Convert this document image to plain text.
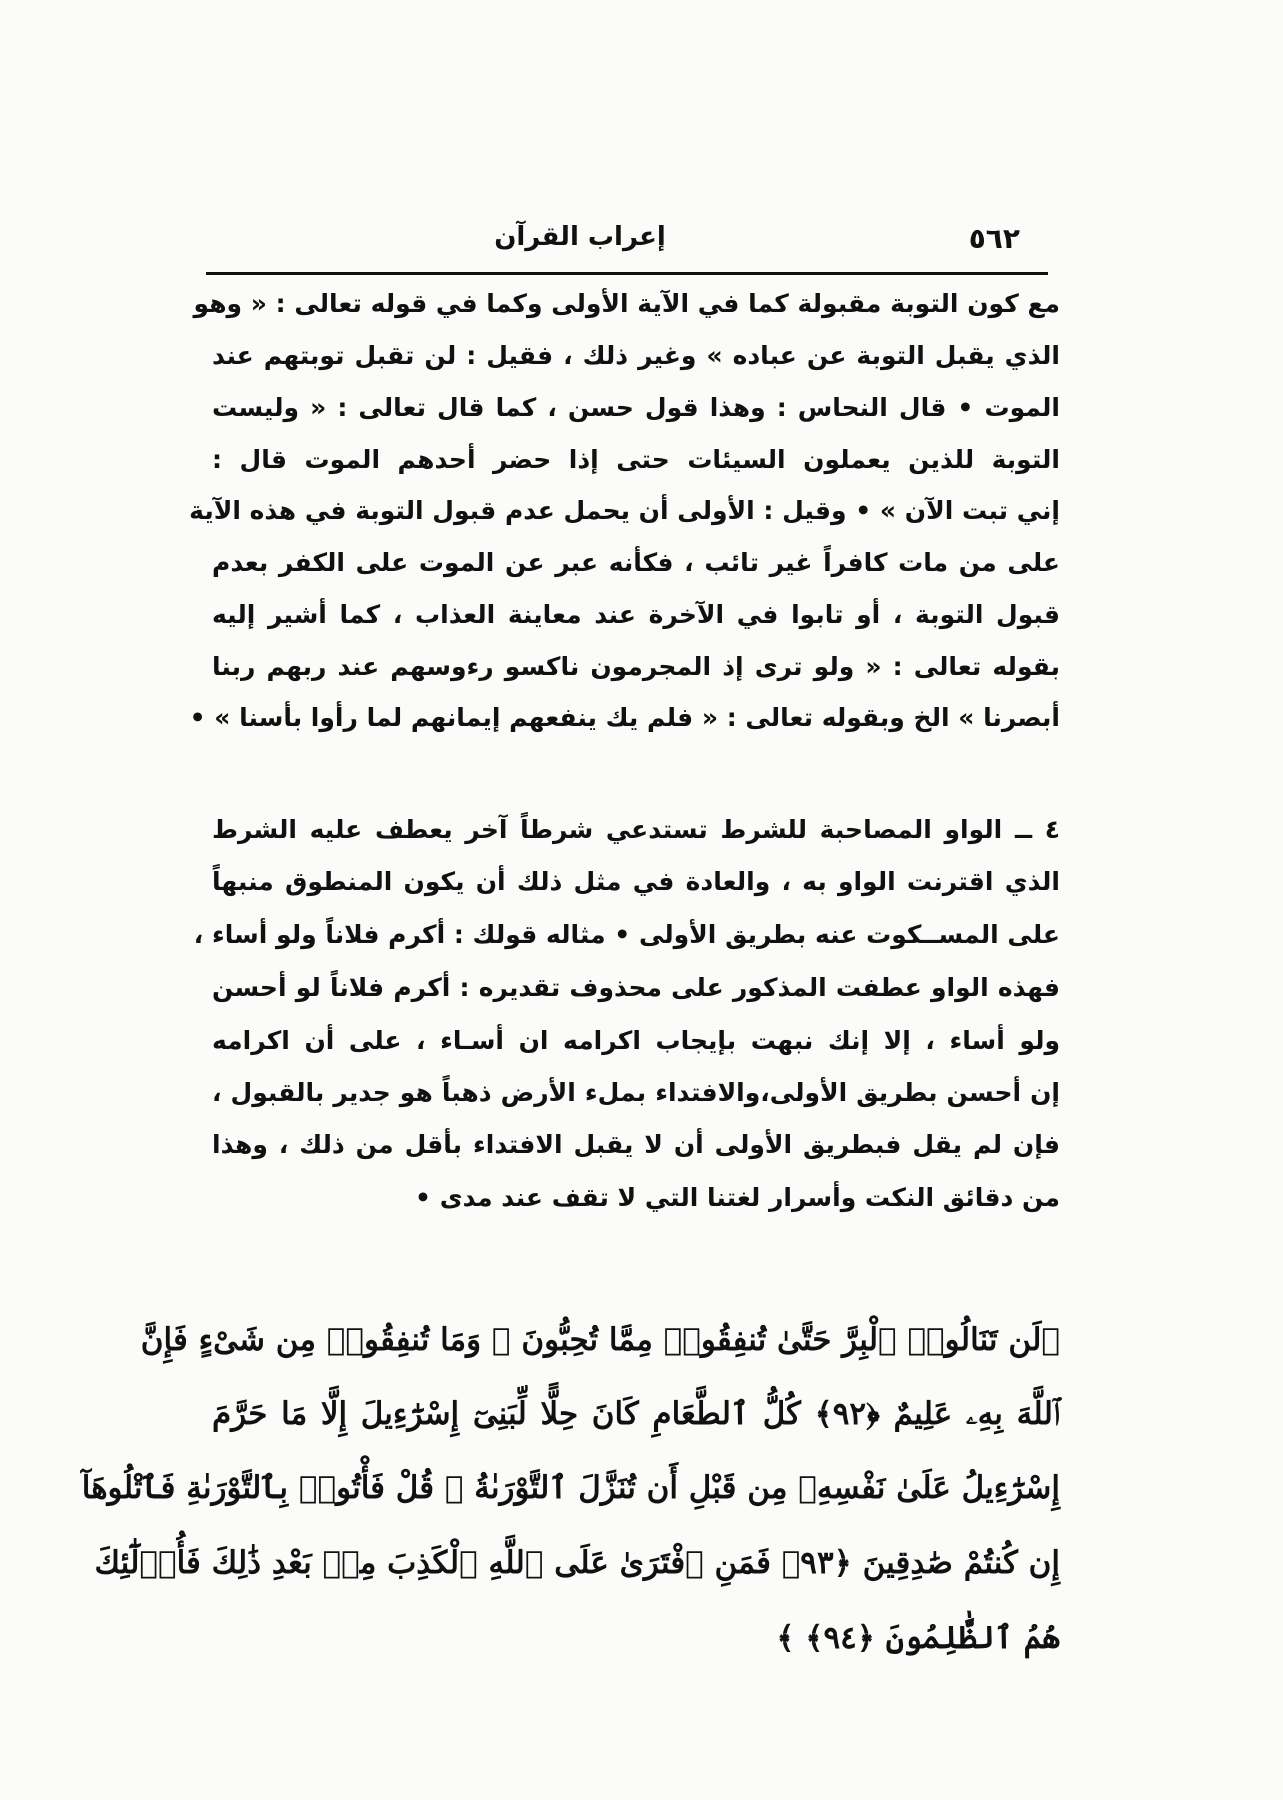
٥٦٢
إعراب القرآن
مع كون التوبة مقبولة كما في الآية الأولى وكما في قوله تعالى : « وهو
الذي يقبل التوبة عن عباده » وغير ذلك ، فقيل : لن تقبل توبتهم عند
الموت • قال النحاس : وهذا قول حسن ، كما قال تعالى : « وليست
التوبة للذين يعملون السيئات حتى إذا حضر أحدهم الموت قال :
إني تبت الآن » • وقيل : الأولى أن يحمل عدم قبول التوبة في هذه الآية
على من مات كافراً غير تائب ، فكأنه عبر عن الموت على الكفر بعدم
قبول التوبة ، أو تابوا في الآخرة عند معاينة العذاب ، كما أشير إليه
بقوله تعالى : « ولو ترى إذ المجرمون ناكسو رءوسهم عند ربهم ربنا
أبصرنا » الخ وبقوله تعالى : « فلم يك ينفعهم إيمانهم لما رأوا بأسنا » •
٤ ــ الواو المصاحبة للشرط تستدعي شرطاً آخر يعطف عليه الشرط
الذي اقترنت الواو به ، والعادة في مثل ذلك أن يكون المنطوق منبهاً
على المســكوت عنه بطريق الأولى • مثاله قولك : أكرم فلاناً ولو أساء ،
فهذه الواو عطفت المذكور على محذوف تقديره : أكرم فلاناً لو أحسن
ولو أساء ، إلا إنك نبهت بإيجاب اكرامه ان أسـاء ، على أن اكرامه
إن أحسن بطريق الأولى،والافتداء بملء الأرض ذهباً هو جدير بالقبول ،
فإن لم يقل فبطريق الأولى أن لا يقبل الافتداء بأقل من ذلك ، وهذا
من دقائق النكت وأسرار لغتنا التي لا تقف عند مدى •
﴿لَن تَنَالُوا۟ ٱلْبِرَّ حَتَّىٰ تُنفِقُوا۟ مِمَّا تُحِبُّونَ ۚ وَمَا تُنفِقُوا۟ مِن شَىْءٍ فَإِنَّ
ٱللَّهَ بِهِۦ عَلِيمٌ ﴿٩٢﴾ كُلُّ ٱلطَّعَامِ كَانَ حِلًّا لِّبَنِىٓ إِسْرَٰٓءِيلَ إِلَّا مَا حَرَّمَ
إِسْرَٰٓءِيلُ عَلَىٰ نَفْسِهِۦ مِن قَبْلِ أَن تُنَزَّلَ ٱلتَّوْرَىٰةُ ۗ قُلْ فَأْتُوا۟ بِٱلتَّوْرَىٰةِ فَٱتْلُوهَآ
إِن كُنتُمْ صَٰدِقِينَ ﴿٩٣﴾ فَمَنِ ٱفْتَرَىٰ عَلَى ٱللَّهِ ٱلْكَذِبَ مِنۢ بَعْدِ ذَٰلِكَ فَأُو۟لَٰٓئِكَ
هُمُ ٱلظَّٰلِمُونَ ﴿٩٤﴾ ﴾
